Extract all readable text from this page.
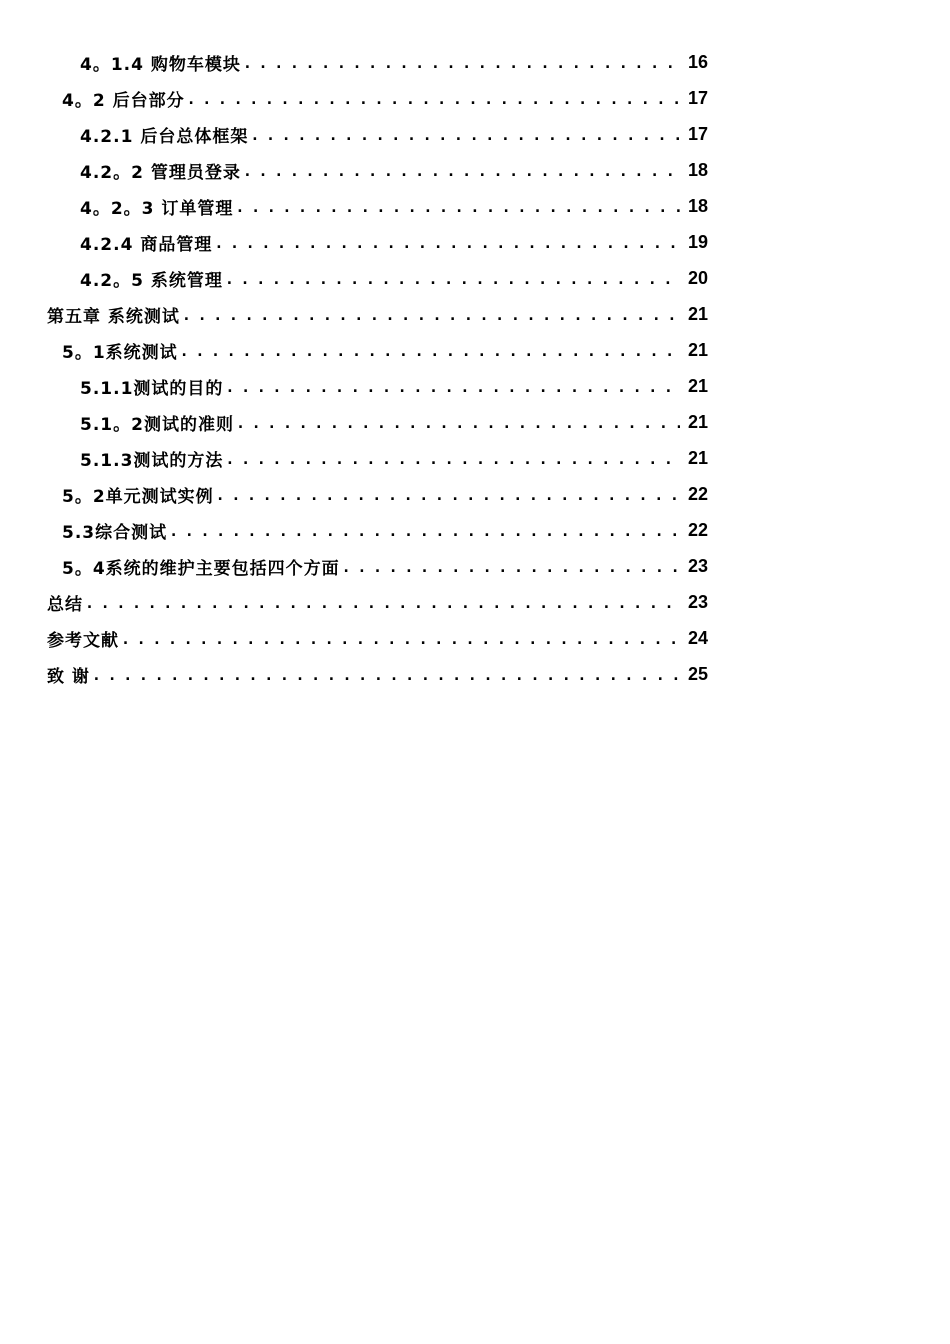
4。1.4 购物车模块 . . .	16
4。2 后台部分 . . .	17
4.2.1 后台总体框架 . . .	17
4.2。2 管理员登录 . . .	18
4。2。3 订单管理 . . .	18
4.2.4 商品管理 . . .	19
4.2。5 系统管理 . . .	20
第五章 系统测试 . . .	21
5。1系统测试 . . .	21
5.1.1测试的目的 . . .	21
5.1。2测试的准则 . . .	21
5.1.3测试的方法 . . .	21
5。2单元测试实例 . . .	22
5.3综合测试 . . .	22
5。4系统的维护主要包括四个方面 . . .	23
总结 . . .	23
参考文献 . . .	24
致 谢 . . .	25
